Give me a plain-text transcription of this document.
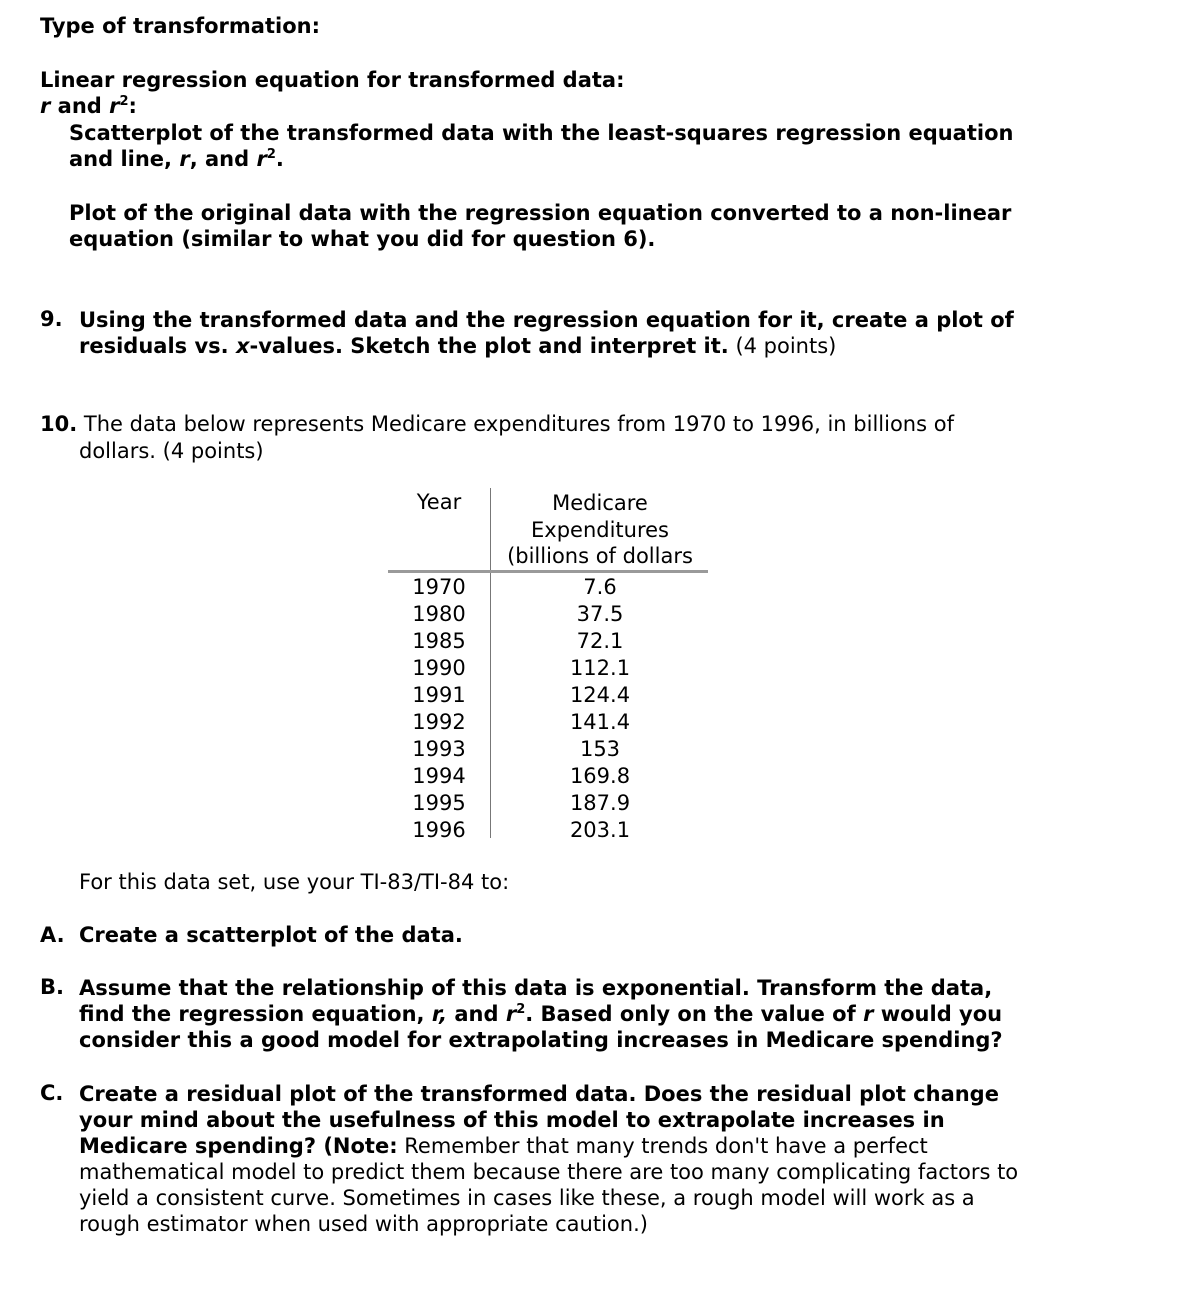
Type of transformation:
Linear regression equation for transformed data:
r and $r^2$:
Scatterplot of the transformed data with the least-squares regression equation
and line, r, and $r^2$.
Plot of the original data with the regression equation converted to a non-linear
equation (similar to what you did for question 6).
9. Using the transformed data and the regression equation for it, create a plot of
residuals vs. x-values. Sketch the plot and interpret it. (4 points)
10. The data below represents Medicare expenditures from 1970 to 1996, in billions of
dollars. (4 points)
Year	Medicare
Expenditures
(billions of dollars
1970
1980
1985
1990
1991
1992
1993
1994
1995
1996
7.6
37.5
72.1
112.1
124.4
141.4
153
169.8
187.9
203.1
For this data set, use your TI-83/TI-84 to:
A. Create a scatterplot of the data.
B. Assume that the relationship of this data is exponential. Transform the data,
find the regression equation, r, and $r^2$. Based only on the value of r would you
consider this a good model for extrapolating increases in Medicare spending?
C. Create a residual plot of the transformed data. Does the residual plot change
your mind about the usefulness of this model to extrapolate increases in
Medicare spending? (Note: Remember that many trends don't have a perfect
mathematical model to predict them because there are too many complicating factors to
yield a consistent curve. Sometimes in cases like these, a rough model will work as a
rough estimator when used with appropriate caution.)
